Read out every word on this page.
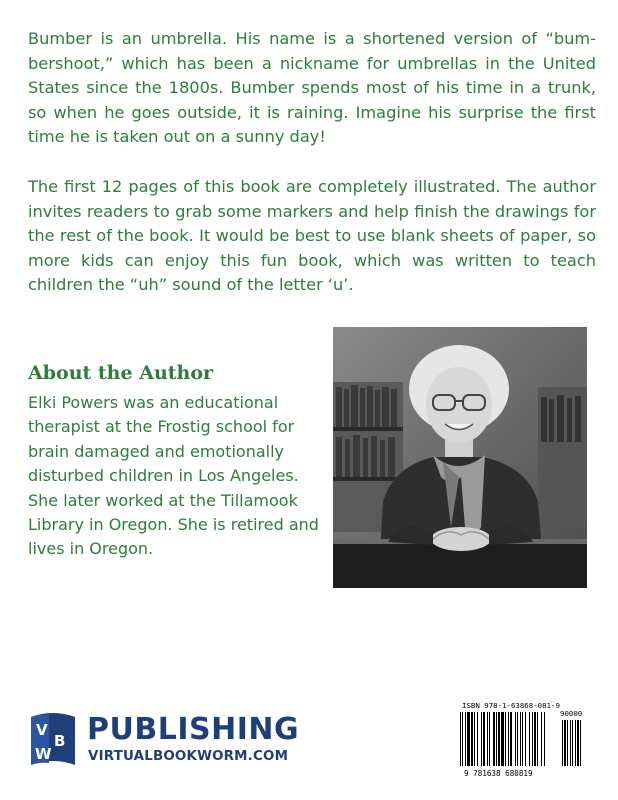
Bumber is an umbrella. His name is a shortened version of “bum-bershoot,” which has been a nickname for umbrellas in the United States since the 1800s. Bumber spends most of his time in a trunk, so when he goes outside, it is raining. Imagine his surprise the first time he is taken out on a sunny day!

The first 12 pages of this book are completely illustrated. The author invites readers to grab some markers and help finish the drawings for the rest of the book. It would be best to use blank sheets of paper, so more kids can enjoy this fun book, which was written to teach children the “uh” sound of the letter ‘u’.

About the Author

Elki Powers was an educational therapist at the Frostig school for brain damaged and emotionally disturbed children in Los Angeles. She later worked at the Tillamook Library in Oregon. She is retired and lives in Oregon.

V
B
W
PUBLISHING
VIRTUALBOOKWORM.COM
ISBN 978-1-63868-081-9
90000
9 781638 680819
